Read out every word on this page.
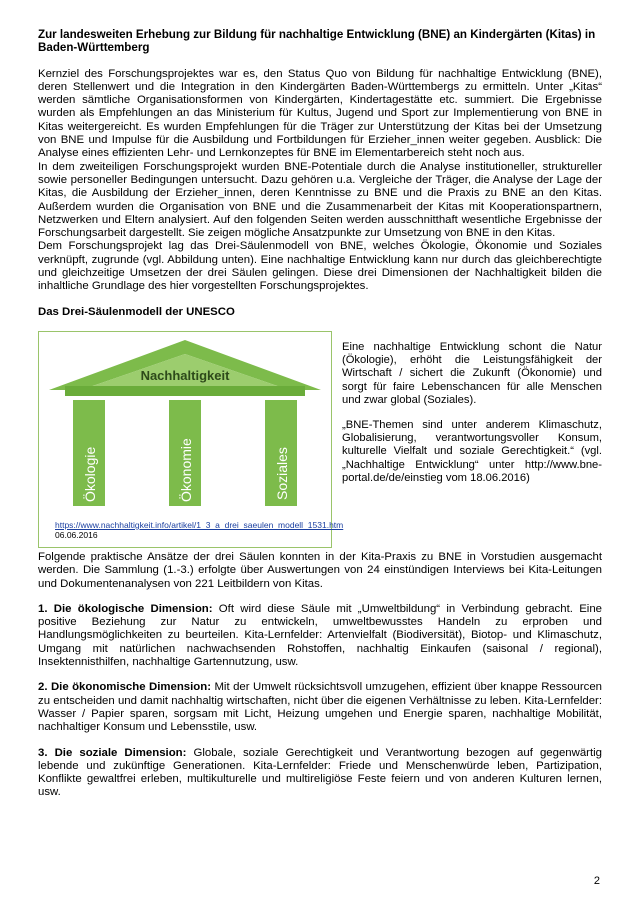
Zur landesweiten Erhebung zur Bildung für nachhaltige Entwicklung (BNE) an Kindergärten (Kitas) in Baden-Württemberg

Kernziel des Forschungsprojektes war es, den Status Quo von Bildung für nachhaltige Entwicklung (BNE), deren Stellenwert und die Integration in den Kindergärten Baden-Württembergs zu ermitteln. Unter „Kitas“ werden sämtliche Organisationsformen von Kindergärten, Kindertagestätte etc. summiert. Die Ergebnisse wurden als Empfehlungen an das Ministerium für Kultus, Jugend und Sport zur Implementierung von BNE in Kitas weitergereicht. Es wurden Empfehlungen für die Träger zur Unterstützung der Kitas bei der Umsetzung von BNE und Impulse für die Ausbildung und Fortbildungen für Erzieher_innen weiter gegeben. Ausblick: Die Analyse eines effizienten Lehr- und Lernkonzeptes für BNE im Elementarbereich steht noch aus.

In dem zweiteiligen Forschungsprojekt wurden BNE-Potentiale durch die Analyse institutioneller, struktureller sowie personeller Bedingungen untersucht. Dazu gehören u.a. Vergleiche der Träger, die Analyse der Lage der Kitas, die Ausbildung der Erzieher_innen, deren Kenntnisse zu BNE und die Praxis zu BNE an den Kitas. Außerdem wurden die Organisation von BNE und die Zusammenarbeit der Kitas mit Kooperationspartnern, Netzwerken und Eltern analysiert. Auf den folgenden Seiten werden ausschnitthaft wesentliche Ergebnisse der Forschungsarbeit dargestellt. Sie zeigen mögliche Ansatzpunkte zur Umsetzung von BNE in den Kitas.

Dem Forschungsprojekt lag das Drei-Säulenmodell von BNE, welches Ökologie, Ökonomie und Soziales verknüpft, zugrunde (vgl. Abbildung unten). Eine nachhaltige Entwicklung kann nur durch das gleichberechtigte und gleichzeitige Umsetzen der drei Säulen gelingen. Diese drei Dimensionen der Nachhaltigkeit bilden die inhaltliche Grundlage des hier vorgestellten Forschungsprojektes.

Das Drei-Säulenmodell der UNESCO

Nachhaltigkeit
Ökologie	Ökonomie	Soziales
https://www.nachhaltigkeit.info/artikel/1_3_a_drei_saeulen_modell_1531.htm 06.06.2016

Eine nachhaltige Entwicklung schont die Natur (Ökologie), erhöht die Leistungsfähigkeit der Wirtschaft / sichert die Zukunft (Ökonomie) und sorgt für faire Lebenschancen für alle Menschen und zwar global (Soziales).

„BNE-Themen sind unter anderem Klimaschutz, Globalisierung, verantwortungsvoller Konsum, kulturelle Vielfalt und soziale Gerechtigkeit.“ (vgl. „Nachhaltige Entwicklung“ unter http://www.bne-portal.de/de/einstieg vom 18.06.2016)

Folgende praktische Ansätze der drei Säulen konnten in der Kita-Praxis zu BNE in Vorstudien ausgemacht werden. Die Sammlung (1.-3.) erfolgte über Auswertungen von 24 einstündigen Interviews bei Kita-Leitungen und Dokumentenanalysen von 221 Leitbildern von Kitas.

1. Die ökologische Dimension: Oft wird diese Säule mit „Umweltbildung“ in Verbindung gebracht. Eine positive Beziehung zur Natur zu entwickeln, umweltbewusstes Handeln zu erproben und Handlungsmöglichkeiten zu beurteilen. Kita-Lernfelder: Artenvielfalt (Biodiversität), Biotop- und Klimaschutz, Umgang mit natürlichen nachwachsenden Rohstoffen, nachhaltig Einkaufen (saisonal / regional), Insektennisthilfen, nachhaltige Gartennutzung, usw.

2. Die ökonomische Dimension: Mit der Umwelt rücksichtsvoll umzugehen, effizient über knappe Ressourcen zu entscheiden und damit nachhaltig wirtschaften, nicht über die eigenen Verhältnisse zu leben. Kita-Lernfelder: Wasser / Papier sparen, sorgsam mit Licht, Heizung umgehen und Energie sparen, nachhaltige Mobilität, nachhaltiger Konsum und Lebensstile, usw.

3. Die soziale Dimension: Globale, soziale Gerechtigkeit und Verantwortung bezogen auf gegenwärtig lebende und zukünftige Generationen. Kita-Lernfelder: Friede und Menschenwürde leben, Partizipation, Konflikte gewaltfrei erleben, multikulturelle und multireligiöse Feste feiern und von anderen Kulturen lernen, usw.

2
